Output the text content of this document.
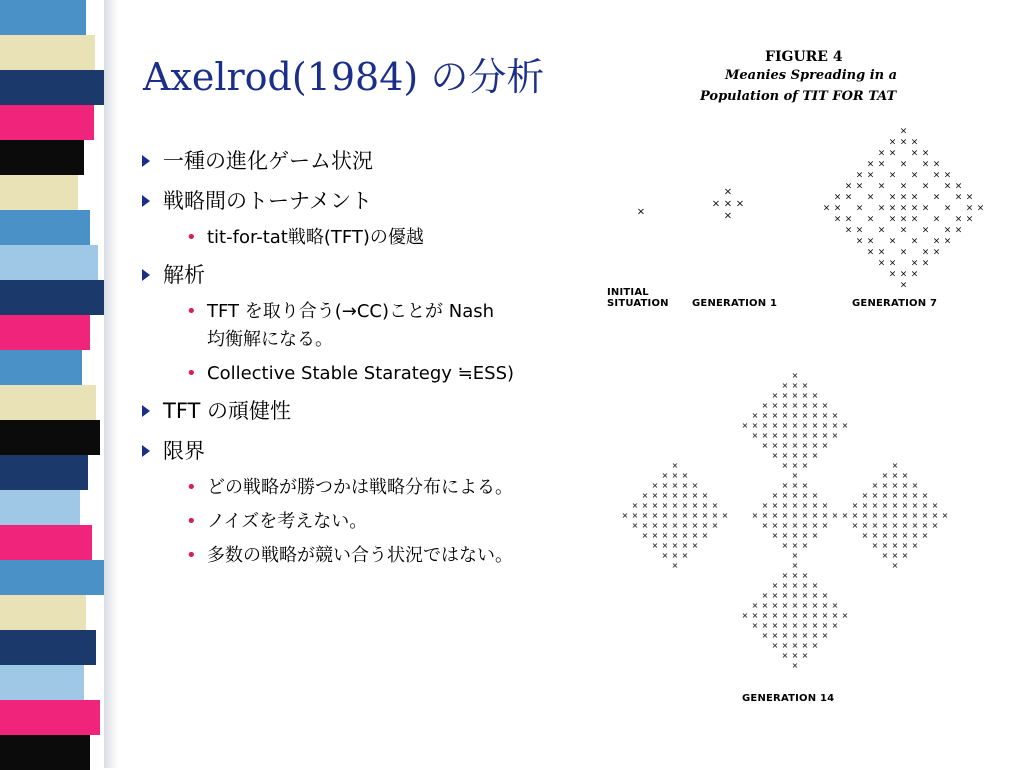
Axelrod(1984) の分析
一種の進化ゲーム状況
戦略間のトーナメント
• tit-for-tat戦略(TFT)の優越
解析
• TFT を取り合う(→CC)ことが Nash 均衡解になる。
• Collective Stable Starategy ≒ESS)
TFT の頑健性
限界
• どの戦略が勝つかは戦略分布による。
• ノイズを考えない。
• 多数の戦略が競い合う状況ではない。
FIGURE 4
Meanies Spreading in a
Population of TIT FOR TAT
×
×
× × ×
×
×
× × ×
× × × ×
× × × × ×
× × × × × ×
× × × × × × ×
× × × × × × × × ×
× × × × × × × × × × ×
× × × × × × × × ×
× × × × × × ×
× × × × × ×
× × × × ×
× × × ×
× × ×
×
×
× × ×
× × × × ×
× × × × × × ×
× × × × × × × × ×
× × × × × × × × × × ×
× × × × × × × × ×
× × × × × × ×
× × × × ×
× × ×
×
×
× × ×
× × × × ×
× × × × × × ×
× × × × × × × × ×
× × × × × × × × × × ×
× × × × × × × × ×
× × × × × × ×
× × × × ×
× × ×
×
×
× × ×
× × × × ×
× × × × × × ×
× × × × × × × × ×
× × × × × × × × × × ×
× × × × × × × × ×
× × × × × × ×
× × × × ×
× × ×
×
×
× × ×
× × × × ×
× × × × × × ×
× × × × × × × × ×
× × × × × × × × × × ×
× × × × × × × × ×
× × × × × × ×
× × × × ×
× × ×
×
× × ×
× × × × ×
× × × × × × ×
× × × × × × × × ×
× × × × × × ×
× × × × ×
× × ×
×
INITIAL
SITUATION GENERATION 1	GENERATION 7
GENERATION 14
